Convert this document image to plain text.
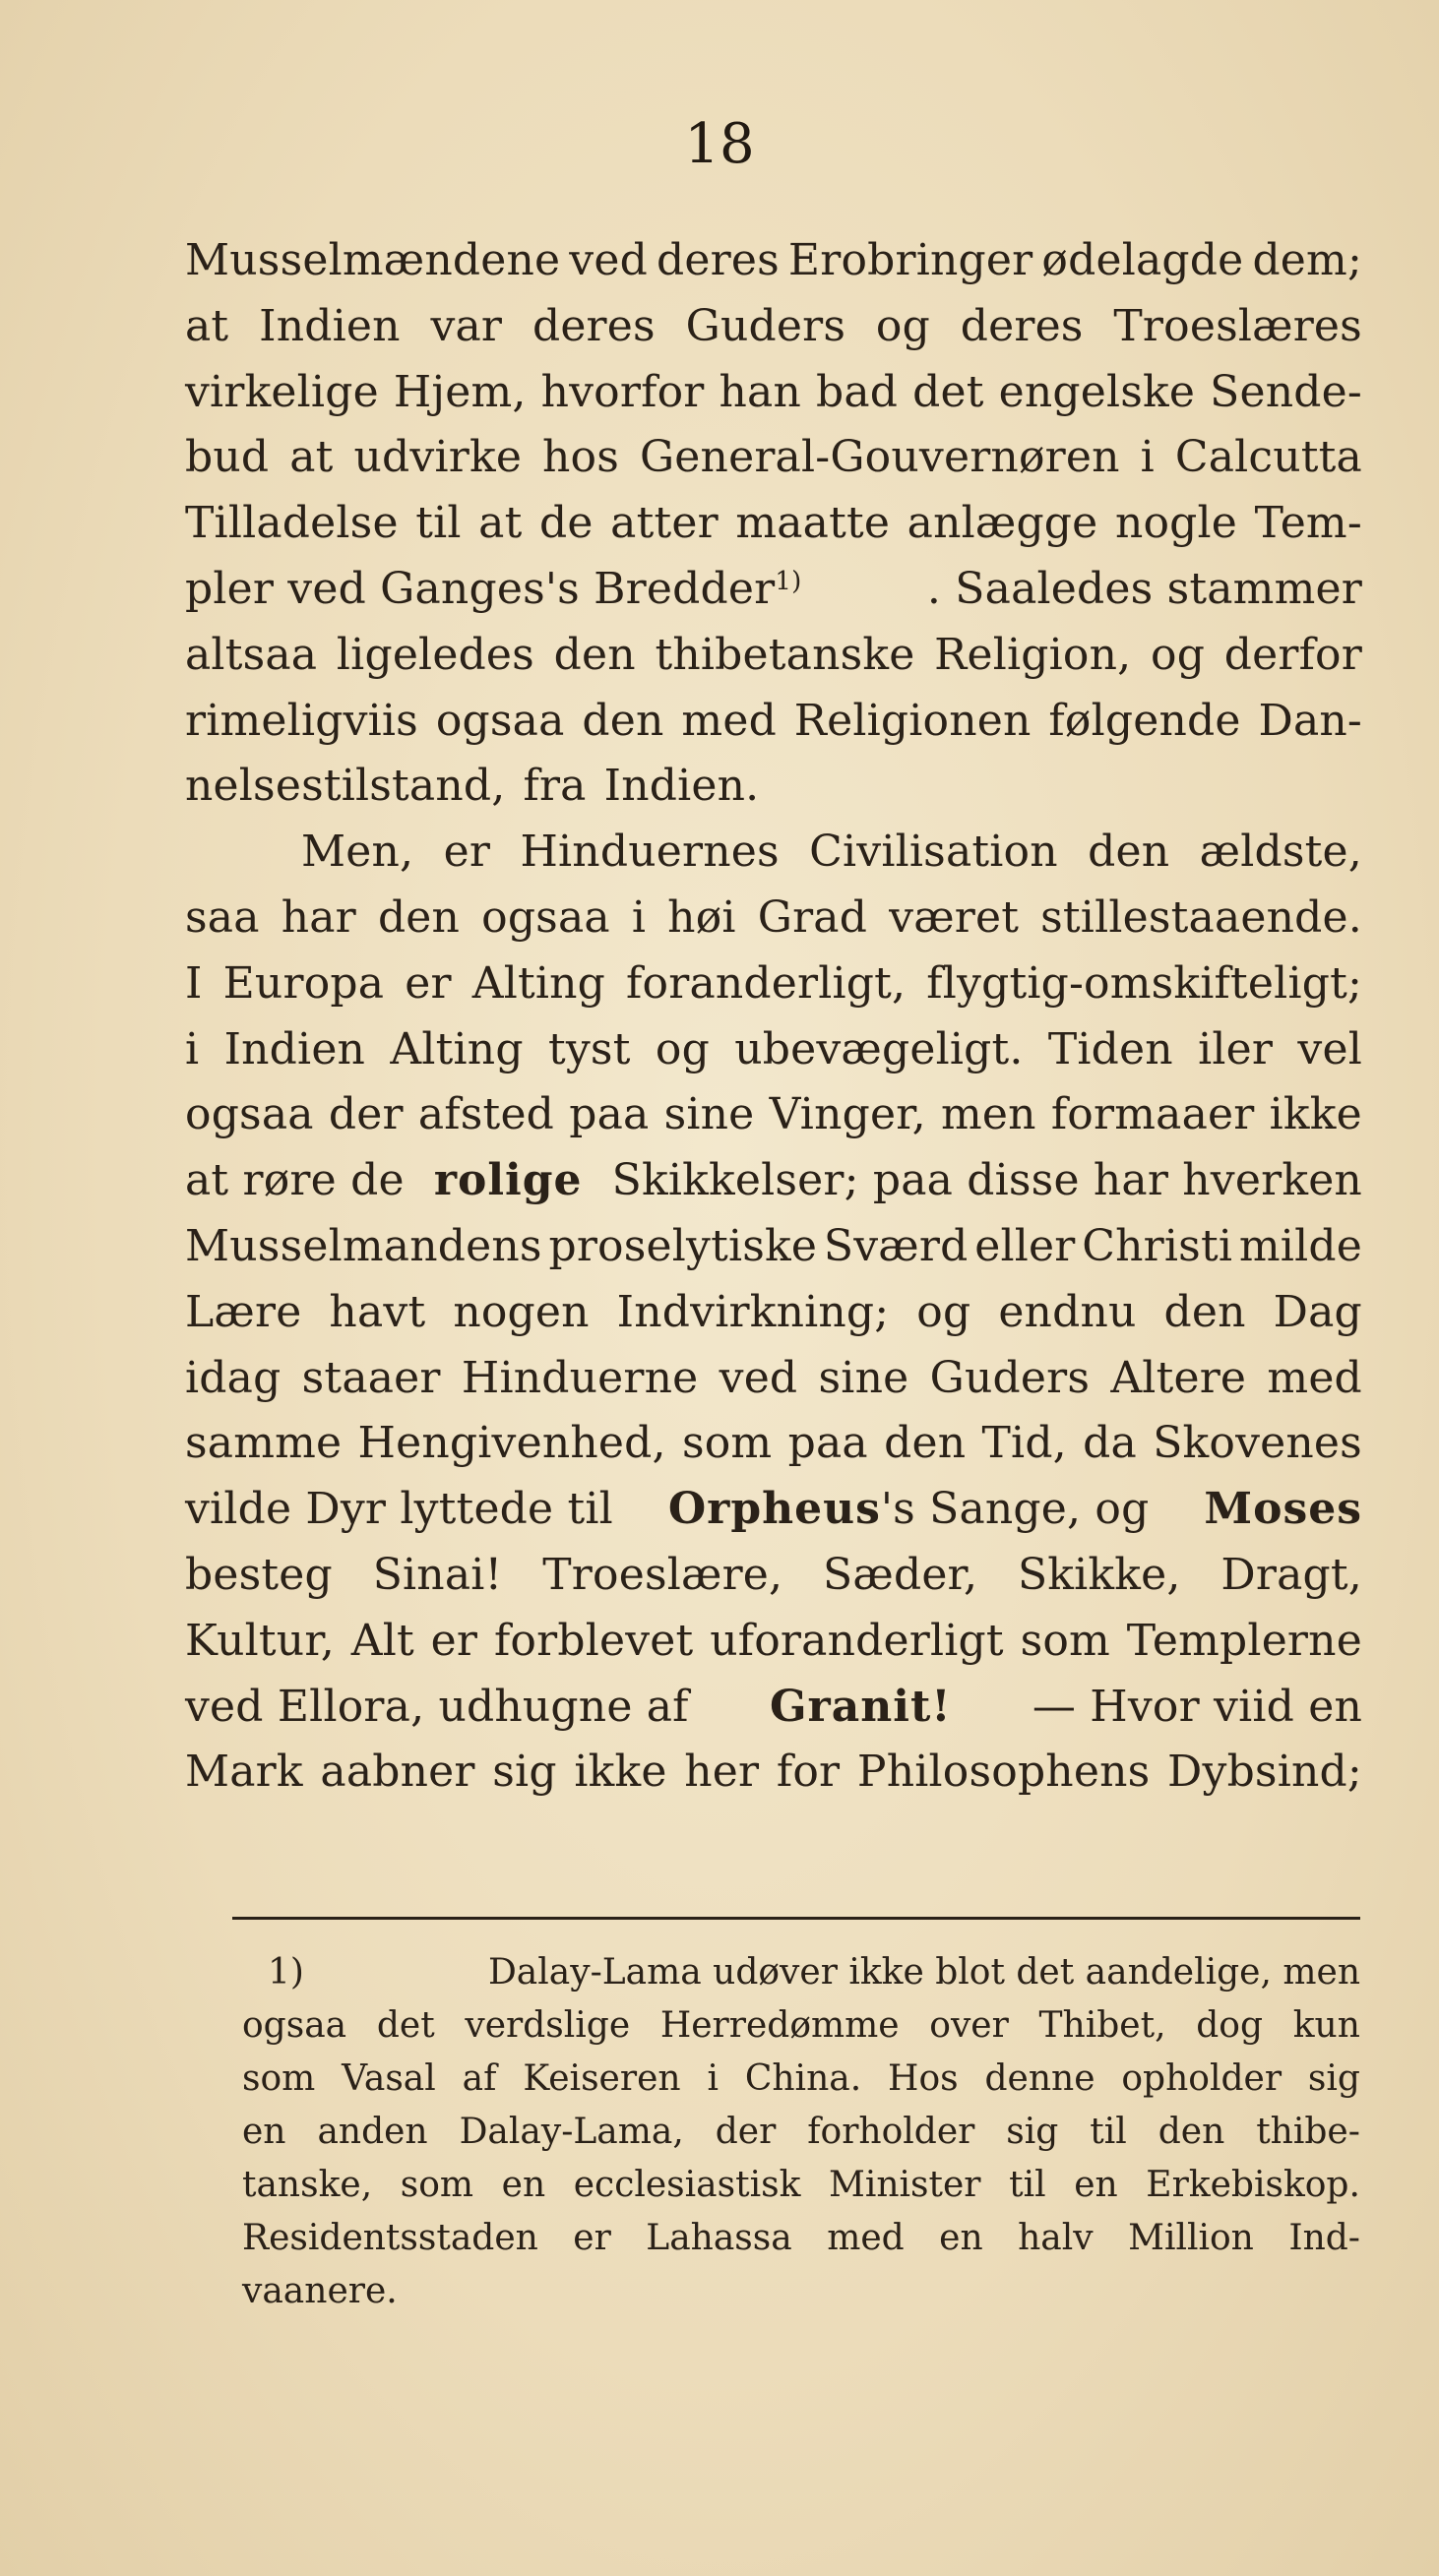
18
Musselmændene ved deres Erobringer ødelagde dem;
at Indien var deres Guders og deres Troeslæres
virkelige Hjem, hvorfor han bad det engelske Sende-
bud at udvirke hos General-Gouvernøren i Calcutta
Tilladelse til at de atter maatte anlægge nogle Tem-
pler ved Ganges's Bredder$^{1)}$	. Saaledes stammer
altsaa ligeledes den thibetanske Religion, og derfor
rimeligviis ogsaa den med Religionen følgende Dan-
nelsestilstand, fra Indien.
Men, er Hinduernes Civilisation den ældste,
saa har den ogsaa i høi Grad været stillestaaende.
I Europa er Alting foranderligt, flygtig-omskifteligt;
i Indien Alting tyst og ubevægeligt. Tiden iler vel
ogsaa der afsted paa sine Vinger, men formaaer ikke
at røre de rolige Skikkelser; paa disse har hverken
Musselmandens proselytiske Sværd eller Christi milde
Lære havt nogen Indvirkning; og endnu den Dag
idag staaer Hinduerne ved sine Guders Altere med
samme Hengivenhed, som paa den Tid, da Skovenes
vilde Dyr lyttede til Orpheus's Sange, og Moses
besteg Sinai! Troeslære, Sæder, Skikke, Dragt,
Kultur, Alt er forblevet uforanderligt som Templerne
ved Ellora, udhugne af Granit! — Hvor viid en
Mark aabner sig ikke her for Philosophens Dybsind;
1)	Dalay-Lama udøver ikke blot det aandelige, men
ogsaa det verdslige Herredømme over Thibet, dog kun
som Vasal af Keiseren i China. Hos denne opholder sig
en anden Dalay-Lama, der forholder sig til den thibe-
tanske, som en ecclesiastisk Minister til en Erkebiskop.
Residentsstaden er Lahassa med en halv Million Ind-
vaanere.
